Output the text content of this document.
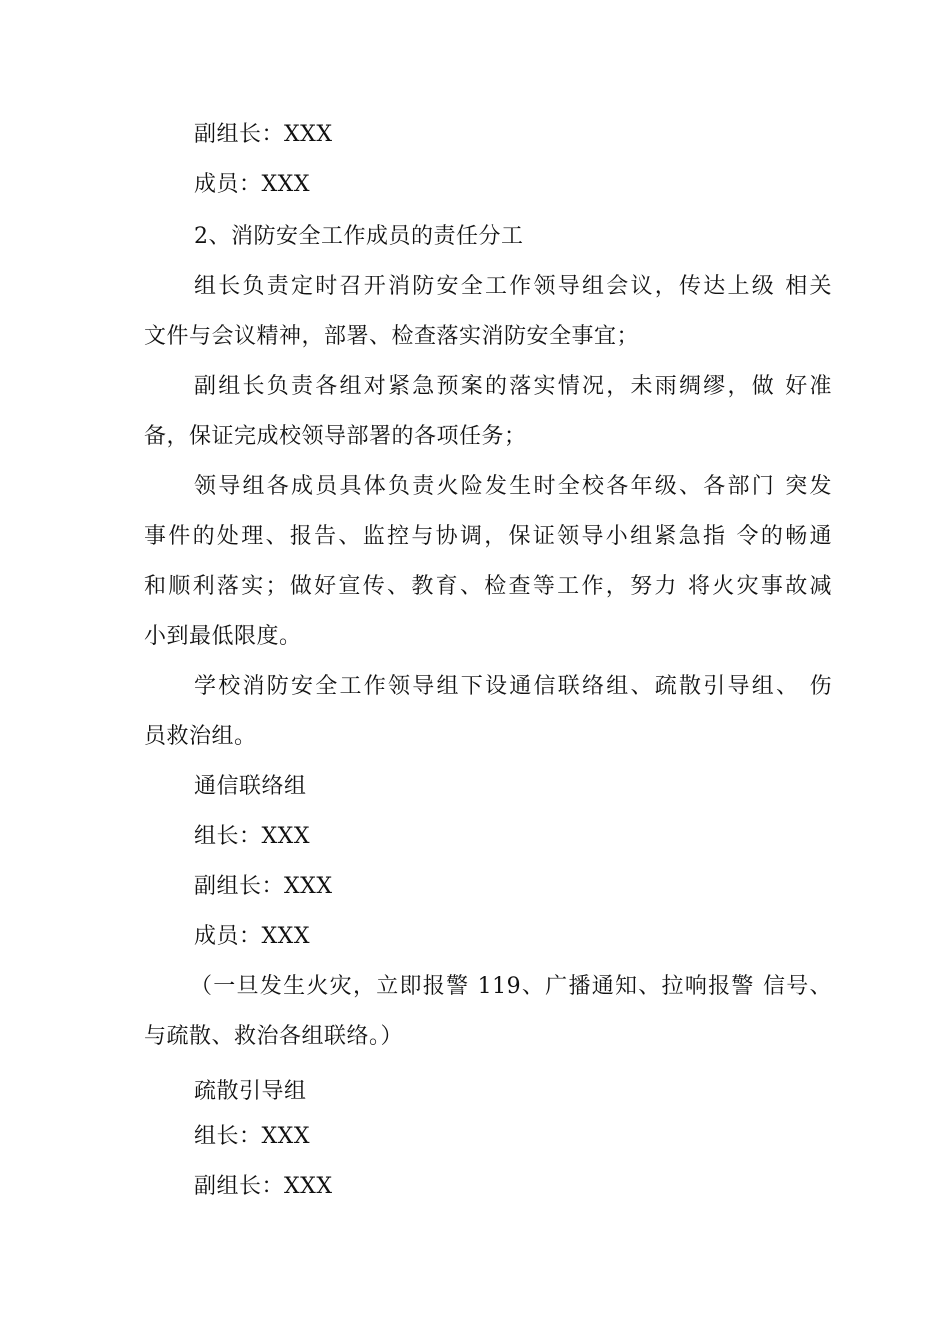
副组长：XXX
成员：XXX
2、消防安全工作成员的责任分工
组长负责定时召开消防安全工作领导组会议，传达上级 相关
文件与会议精神，部署、检查落实消防安全事宜；
副组长负责各组对紧急预案的落实情况，未雨绸缪，做 好准
备，保证完成校领导部署的各项任务；
领导组各成员具体负责火险发生时全校各年级、各部门 突发
事件的处理、报告、监控与协调，保证领导小组紧急指 令的畅通
和顺利落实；做好宣传、教育、检查等工作，努力 将火灾事故减
小到最低限度。
学校消防安全工作领导组下设通信联络组、疏散引导组、 伤
员救治组。
通信联络组
组长：XXX
副组长：XXX
成员：XXX
（一旦发生火灾，立即报警 119、广播通知、拉响报警 信号、
与疏散、救治各组联络。）
疏散引导组
组长：XXX
副组长：XXX
